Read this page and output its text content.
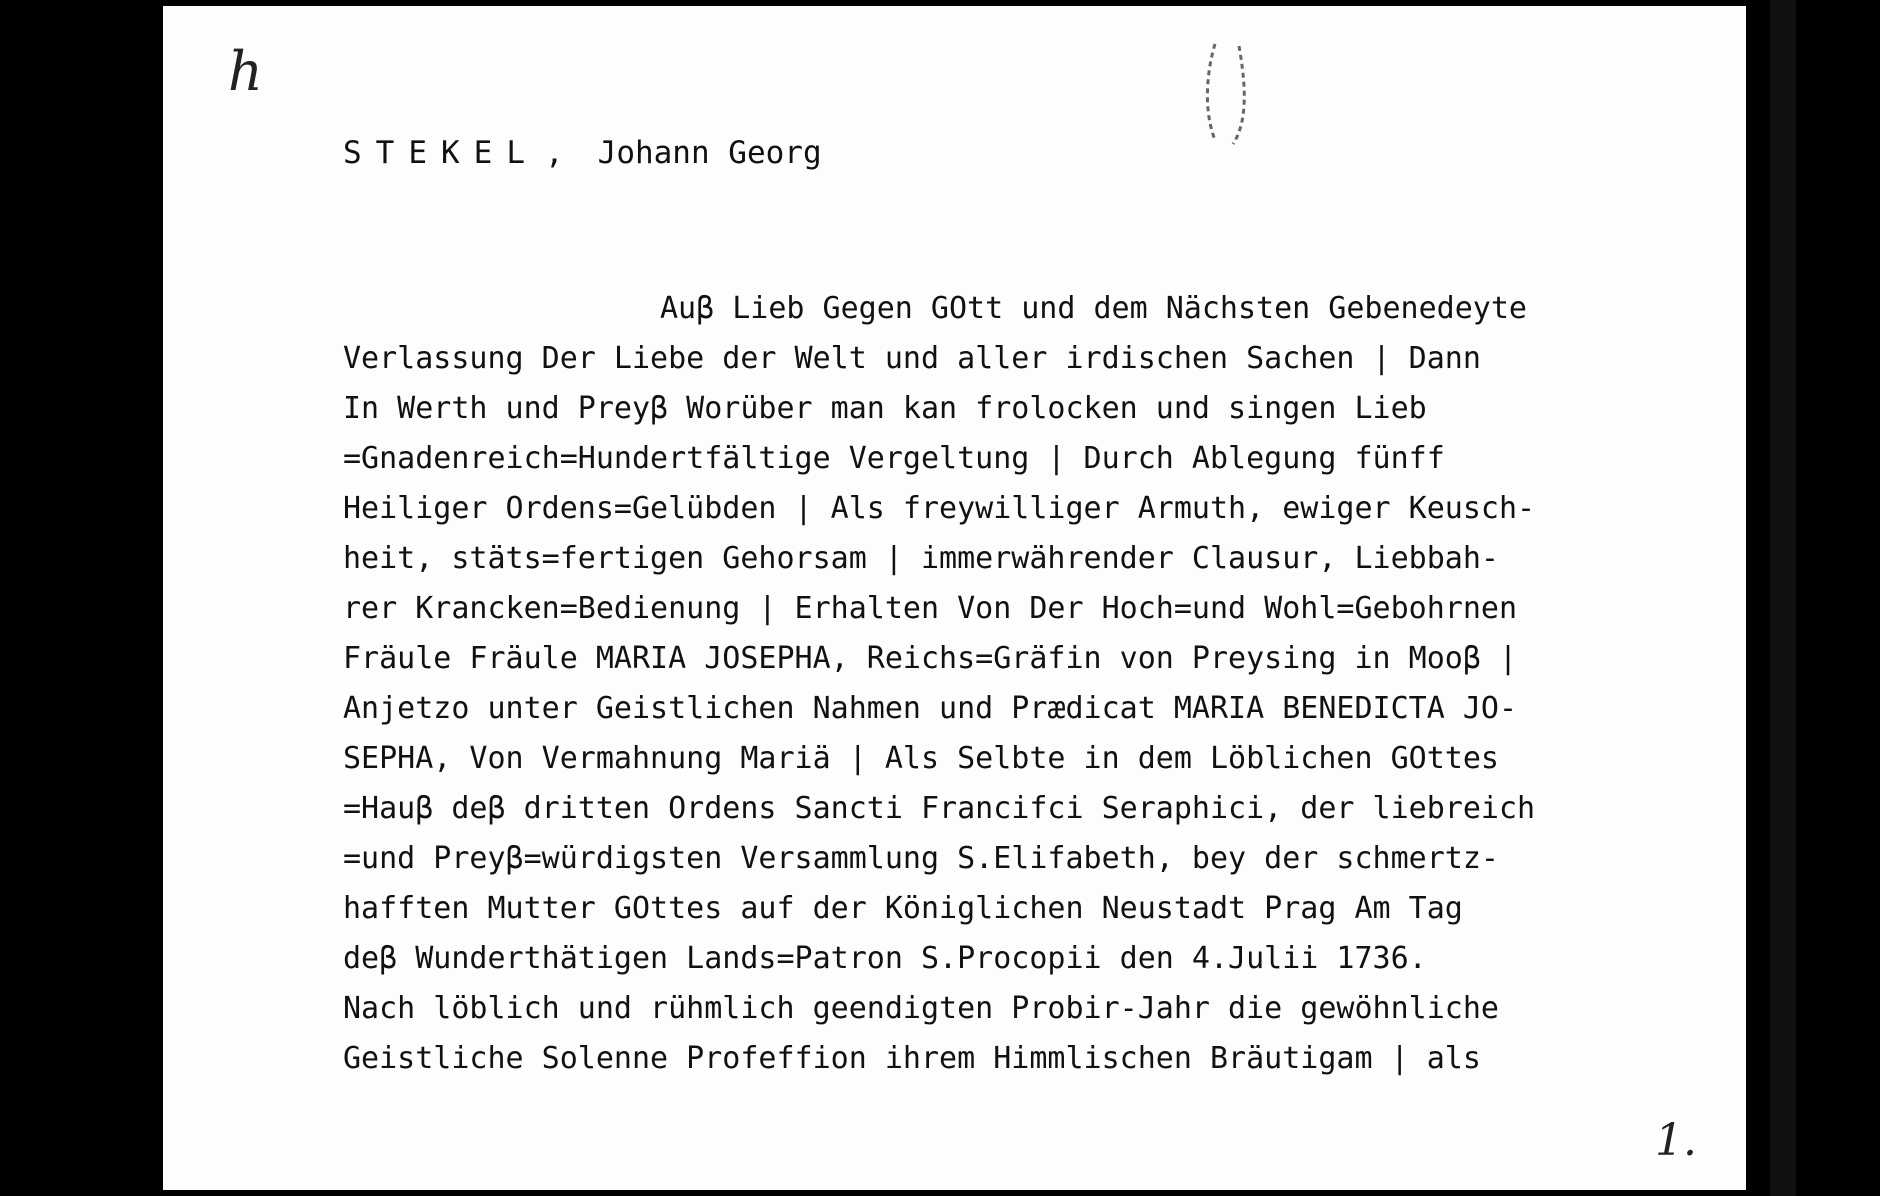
h
STEKEL , Johann Georg
Auβ Lieb Gegen GOtt und dem Nächsten Gebenedeyte
Verlassung Der Liebe der Welt und aller irdischen Sachen | Dann
In Werth und Preyβ Worüber man kan frolocken und singen Lieb
=Gnadenreich=Hundertfältige Vergeltung | Durch Ablegung fünff
Heiliger Ordens=Gelübden | Als freywilliger Armuth, ewiger Keusch-
heit, stäts=fertigen Gehorsam | immerwährender Clausur, Liebbah-
rer Krancken=Bedienung | Erhalten Von Der Hoch=und Wohl=Gebohrnen
Fräule Fräule MARIA JOSEPHA, Reichs=Gräfin von Preysing in Mooβ |
Anjetzo unter Geistlichen Nahmen und Prædicat MARIA BENEDICTA JO-
SEPHA, Von Vermahnung Mariä | Als Selbte in dem Löblichen GOttes
=Hauβ deβ dritten Ordens Sancti Francifci Seraphici, der liebreich
=und Preyβ=würdigsten Versammlung S.Elifabeth, bey der schmertz-
hafften Mutter GOttes auf der Königlichen Neustadt Prag Am Tag
deβ Wunderthätigen Lands=Patron S.Procopii den 4.Julii 1736.
Nach löblich und rühmlich geendigten Probir-Jahr die gewöhnliche
Geistliche Solenne Profeffion ihrem Himmlischen Bräutigam | als
1.
